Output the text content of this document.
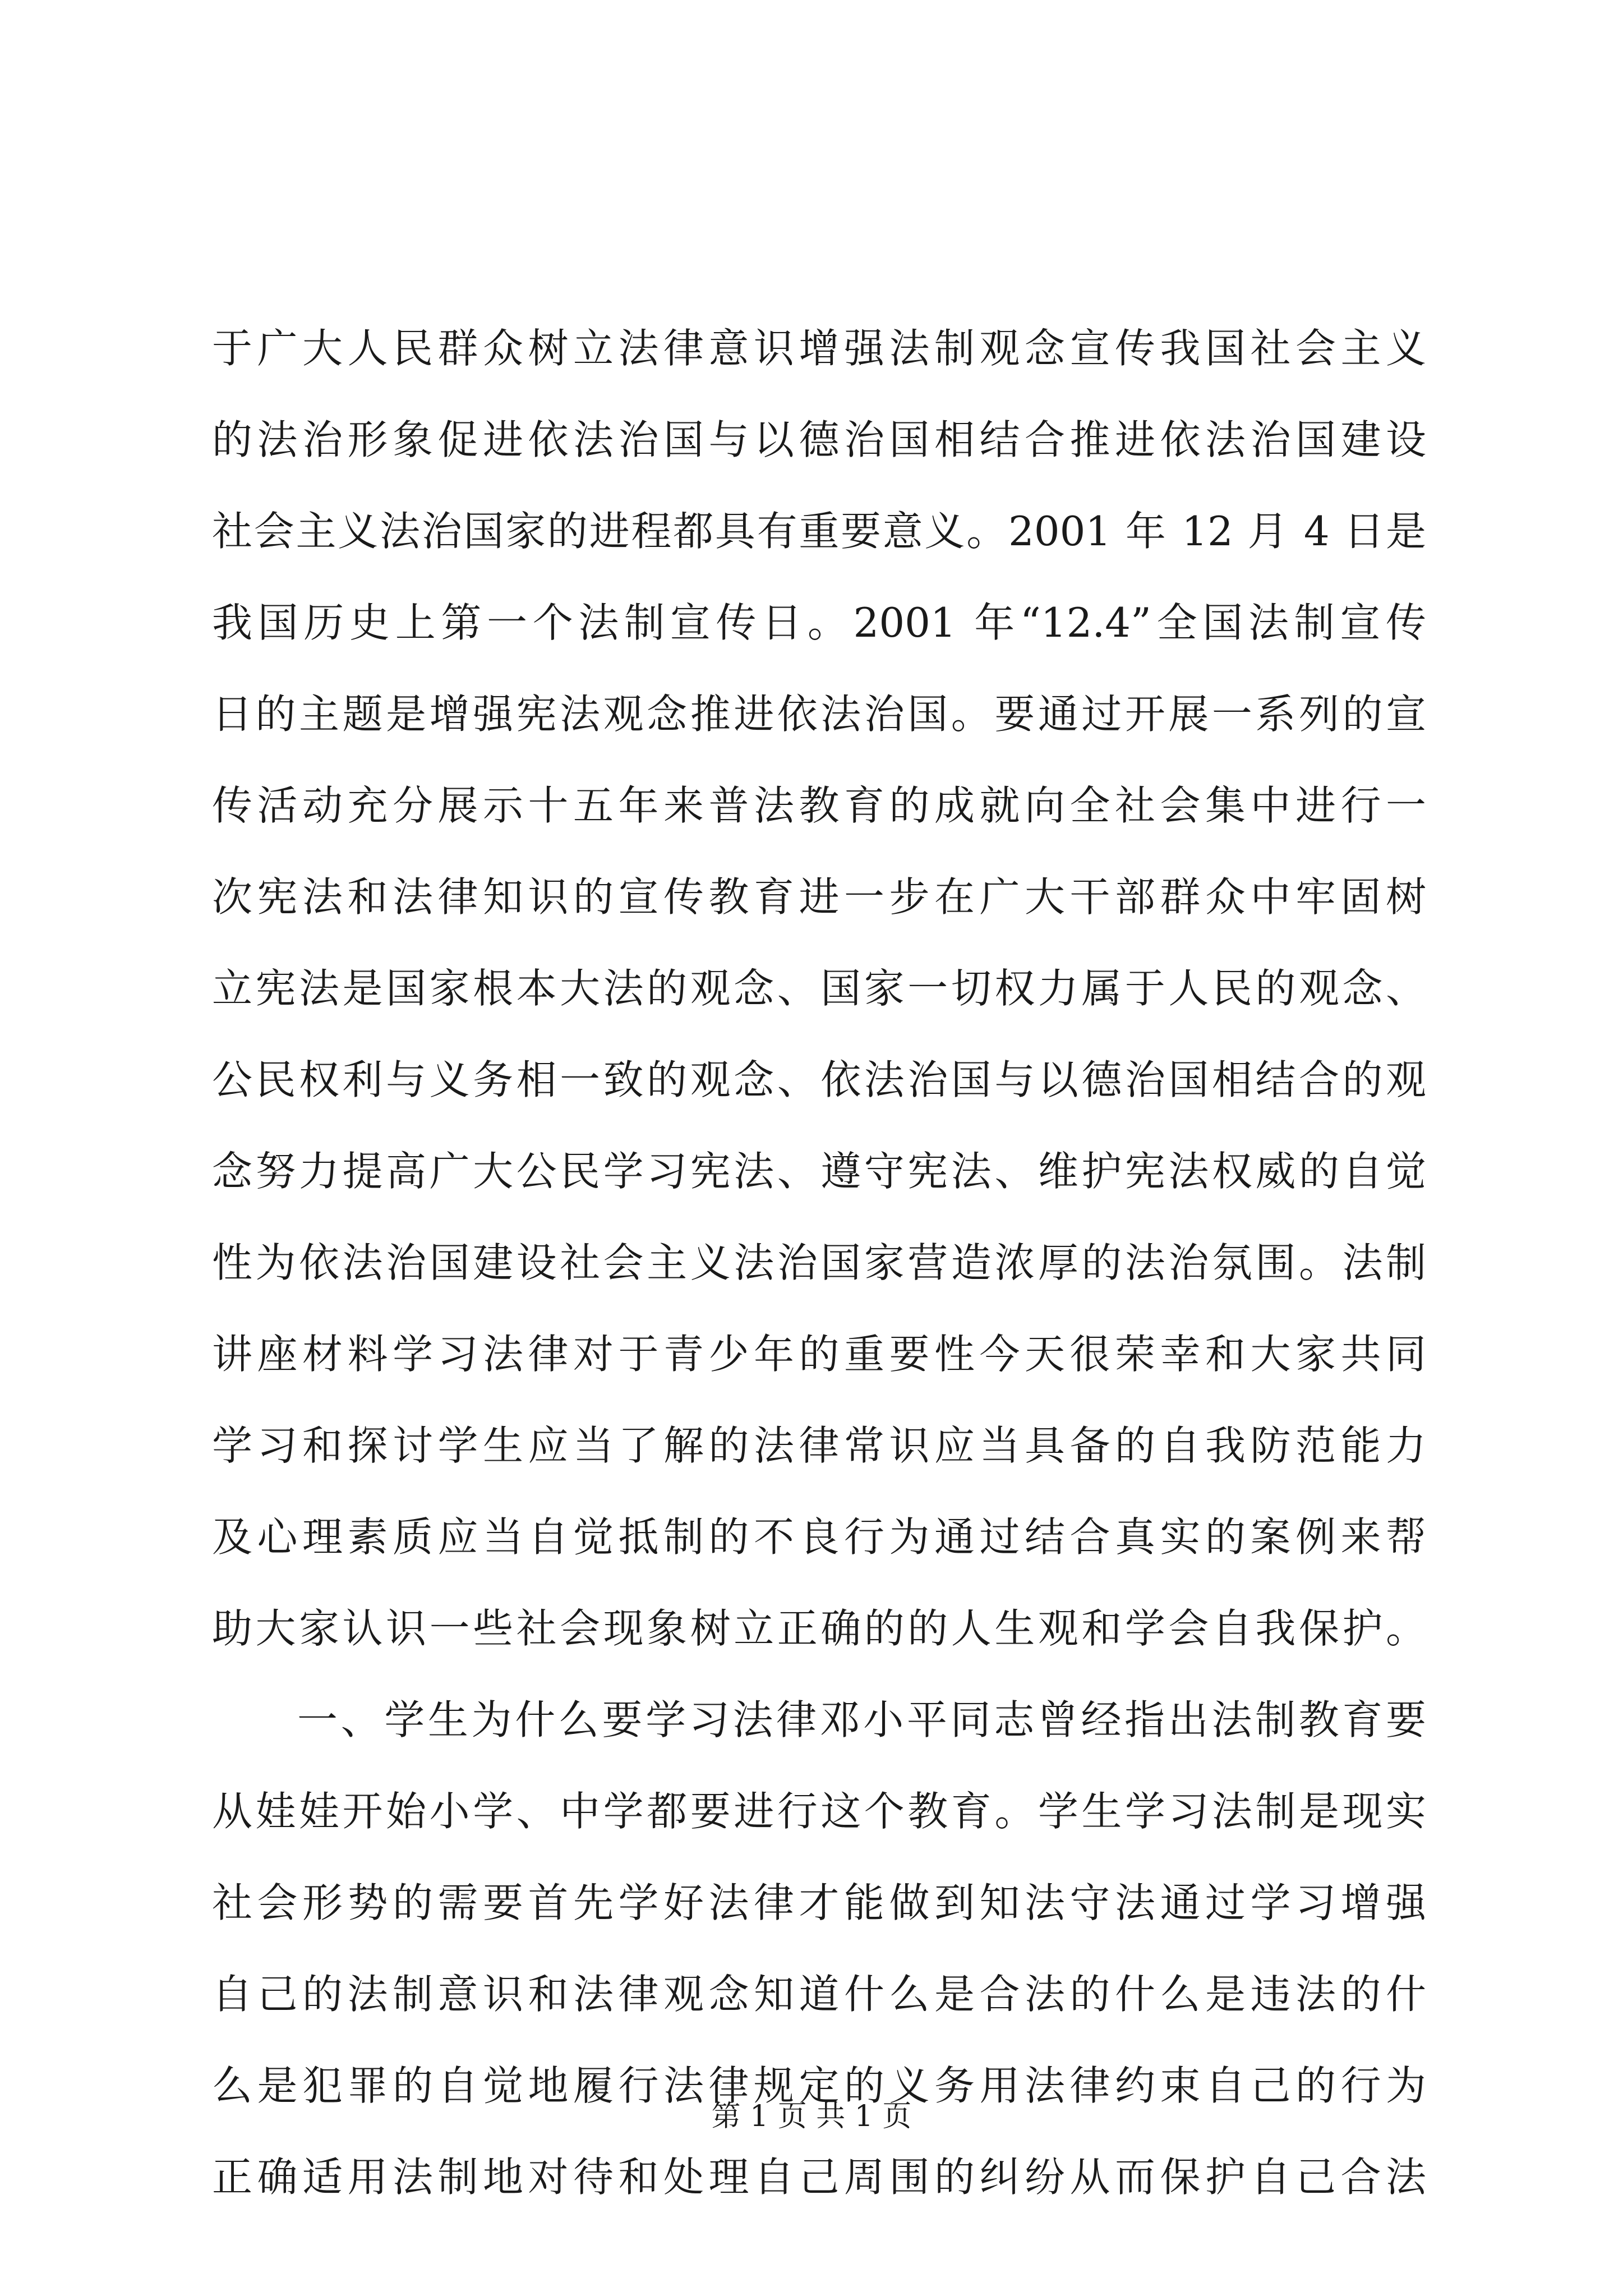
于广大人民群众树立法律意识增强法制观念宣传我国社会主义
的法治形象促进依法治国与以德治国相结合推进依法治国建设
社会主义法治国家的进程都具有重要意义。2001 年 12 月 4 日是
我国历史上第一个法制宣传日。2001 年“12.4”全国法制宣传
日的主题是增强宪法观念推进依法治国。要通过开展一系列的宣
传活动充分展示十五年来普法教育的成就向全社会集中进行一
次宪法和法律知识的宣传教育进一步在广大干部群众中牢固树
立宪法是国家根本大法的观念、国家一切权力属于人民的观念、
公民权利与义务相一致的观念、依法治国与以德治国相结合的观
念努力提高广大公民学习宪法、遵守宪法、维护宪法权威的自觉
性为依法治国建设社会主义法治国家营造浓厚的法治氛围。法制
讲座材料学习法律对于青少年的重要性今天很荣幸和大家共同
学习和探讨学生应当了解的法律常识应当具备的自我防范能力
及心理素质应当自觉抵制的不良行为通过结合真实的案例来帮
助大家认识一些社会现象树立正确的的人生观和学会自我保护。
一、学生为什么要学习法律邓小平同志曾经指出法制教育要
从娃娃开始小学、中学都要进行这个教育。学生学习法制是现实
社会形势的需要首先学好法律才能做到知法守法通过学习增强
自己的法制意识和法律观念知道什么是合法的什么是违法的什
么是犯罪的自觉地履行法律规定的义务用法律约束自己的行为
正确适用法制地对待和处理自己周围的纠纷从而保护自己合法
第 1 页 共 1 页
